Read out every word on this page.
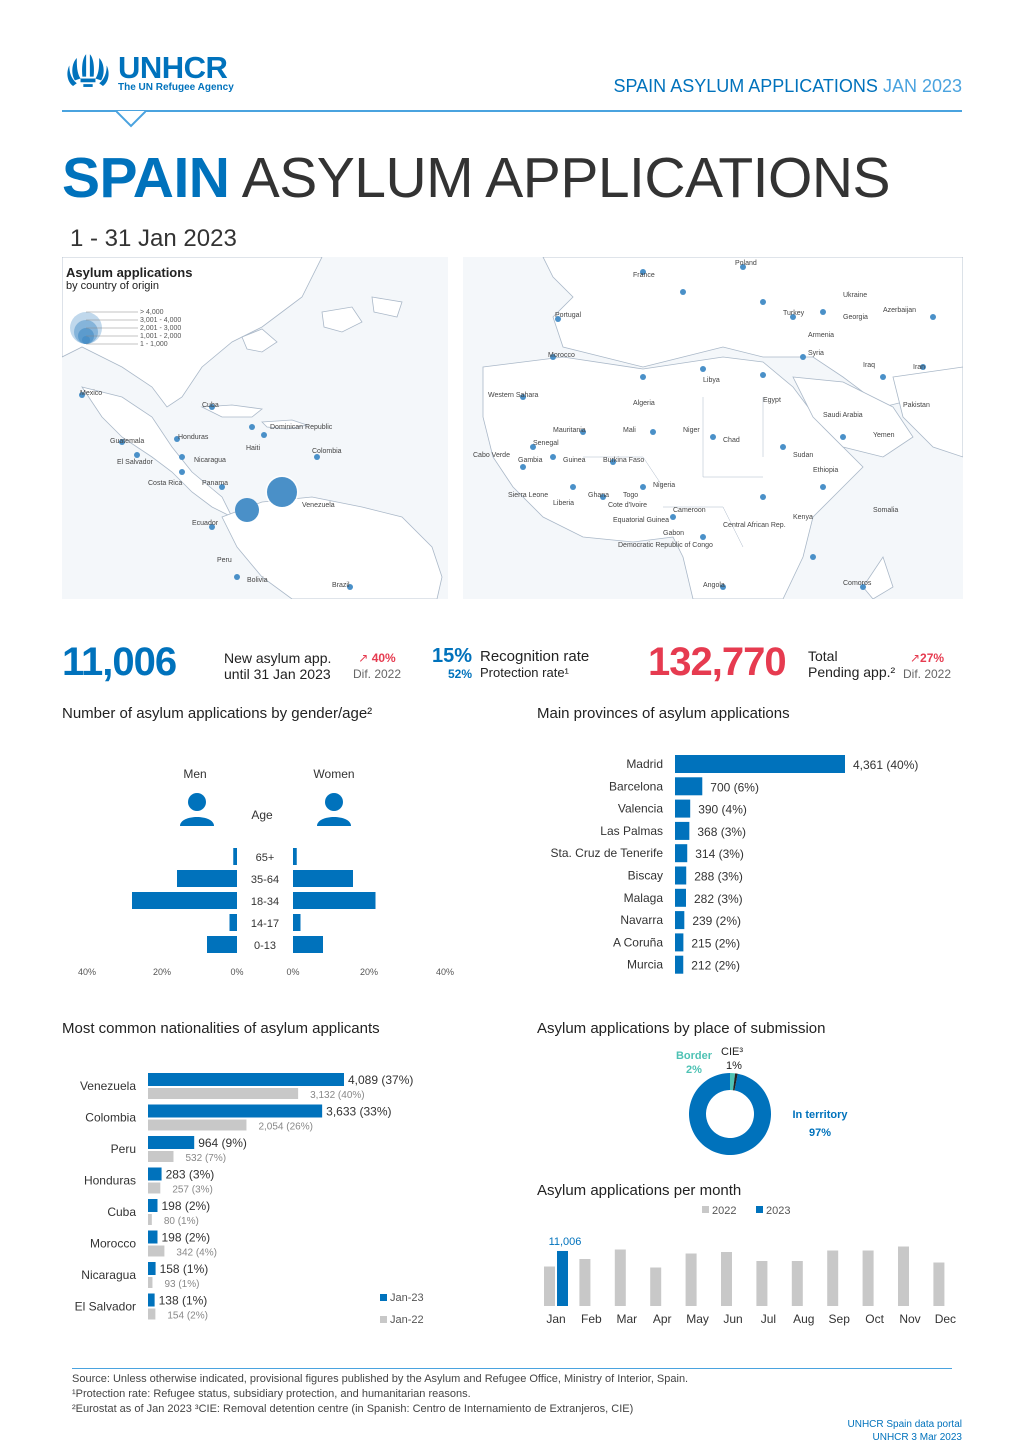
UNHCR
The UN Refugee Agency	SPAIN ASYLUM APPLICATIONS JAN 2023
SPAIN ASYLUM APPLICATIONS
1 - 31 Jan 2023
Mexico
Guatemala
El Salvador
Honduras
Nicaragua
Costa Rica
Cuba
Dominican Republic
Haiti	Colombia
Venezuela
Ecuador
Peru
Brazil
Bolivia
Panama
Asylum applications
by country of origin
> 4,000
3,001 - 4,000
2,001 - 3,000
1,001 - 2,000
1 - 1,000
Portugal
France
Poland
Ukraine
Georgia
Armenia
Azerbaijan
Turkey
Syria
Iraq	Iran
Pakistan
Morocco
Algeria
Libya
Egypt
Western Sahara
Mauritania	Mali	Niger
Chad
Sudan
Senegal
Gambia	Guinea
Sierra Leone
Liberia	Cote d'Ivoire
Ghana Togo
Burkina Faso
Nigeria
Cameroon
Equatorial Guinea
Gabon
Democratic Republic of Congo
Central African Rep.
Ethiopia
Somalia
Kenya
Yemen
Saudi Arabia
Cabo Verde
Angola	Comoros
11,006	New asylum app.
until 31 Jan 2023
↗ 40%
Dif. 2022
15% Recognition rate
52% Protection rate¹ 132,770 Total
Pending app.²
↗27%
Dif. 2022
Number of asylum applications by gender/age²
Men	Women
Age
65+
35-64
18-34
14-17
0-13
40%	20%	0%	0%	20%	40%
Main provinces of asylum applications
Madrid	4,361 (40%)
Barcelona	700 (6%)
Valencia	390 (4%)
Las Palmas	368 (3%)
Sta. Cruz de Tenerife	314 (3%)
Biscay	288 (3%)
Malaga	282 (3%)
Navarra 239 (2%)
A Coruña 215 (2%)
Murcia 212 (2%)
Most common nationalities of asylum applicants
Jan-23
Jan-22
Venezuela	4,089 (37%)
3,132 (40%)
Colombia	3,633 (33%)
2,054 (26%)
Peru	964 (9%)
532 (7%)
Honduras 283 (3%)
257 (3%)
Cuba 198 (2%)
80 (1%)
Morocco 198 (2%)
342 (4%)
Nicaragua 158 (1%)
93 (1%)
El Salvador 138 (1%)
154 (2%)
Asylum applications by place of submission
Border
2%
CIE³
1%
In territory
97%
Asylum applications per month
2022	2023
11,006
Jan Feb Mar Apr May Jun Jul Aug Sep Oct Nov Dec
Source: Unless otherwise indicated, provisional figures published by the Asylum and Refugee Office, Ministry of Interior, Spain.
¹Protection rate: Refugee status, subsidiary protection, and humanitarian reasons.
²Eurostat as of Jan 2023 ³CIE: Removal detention centre (in Spanish: Centro de Internamiento de Extranjeros, CIE)
UNHCR Spain data portal
UNHCR 3 Mar 2023
